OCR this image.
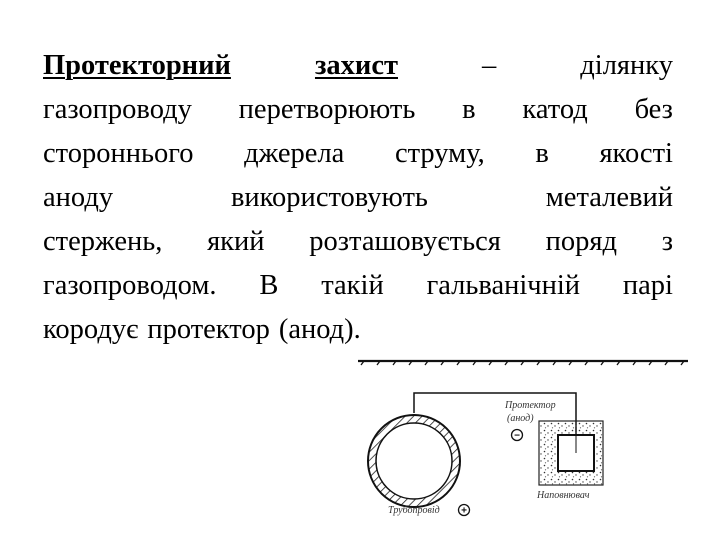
Протекторний	захист	–	ділянку
газопроводу перетворюють в катод без
стороннього джерела струму, в якості
аноду	використовують	металевий
стержень, який розташовується поряд з
газопроводом. В такій гальванічній парі
кородує протектор (анод).
−
+
Протектор
(анод)
Наповнювач
Трубопровід
